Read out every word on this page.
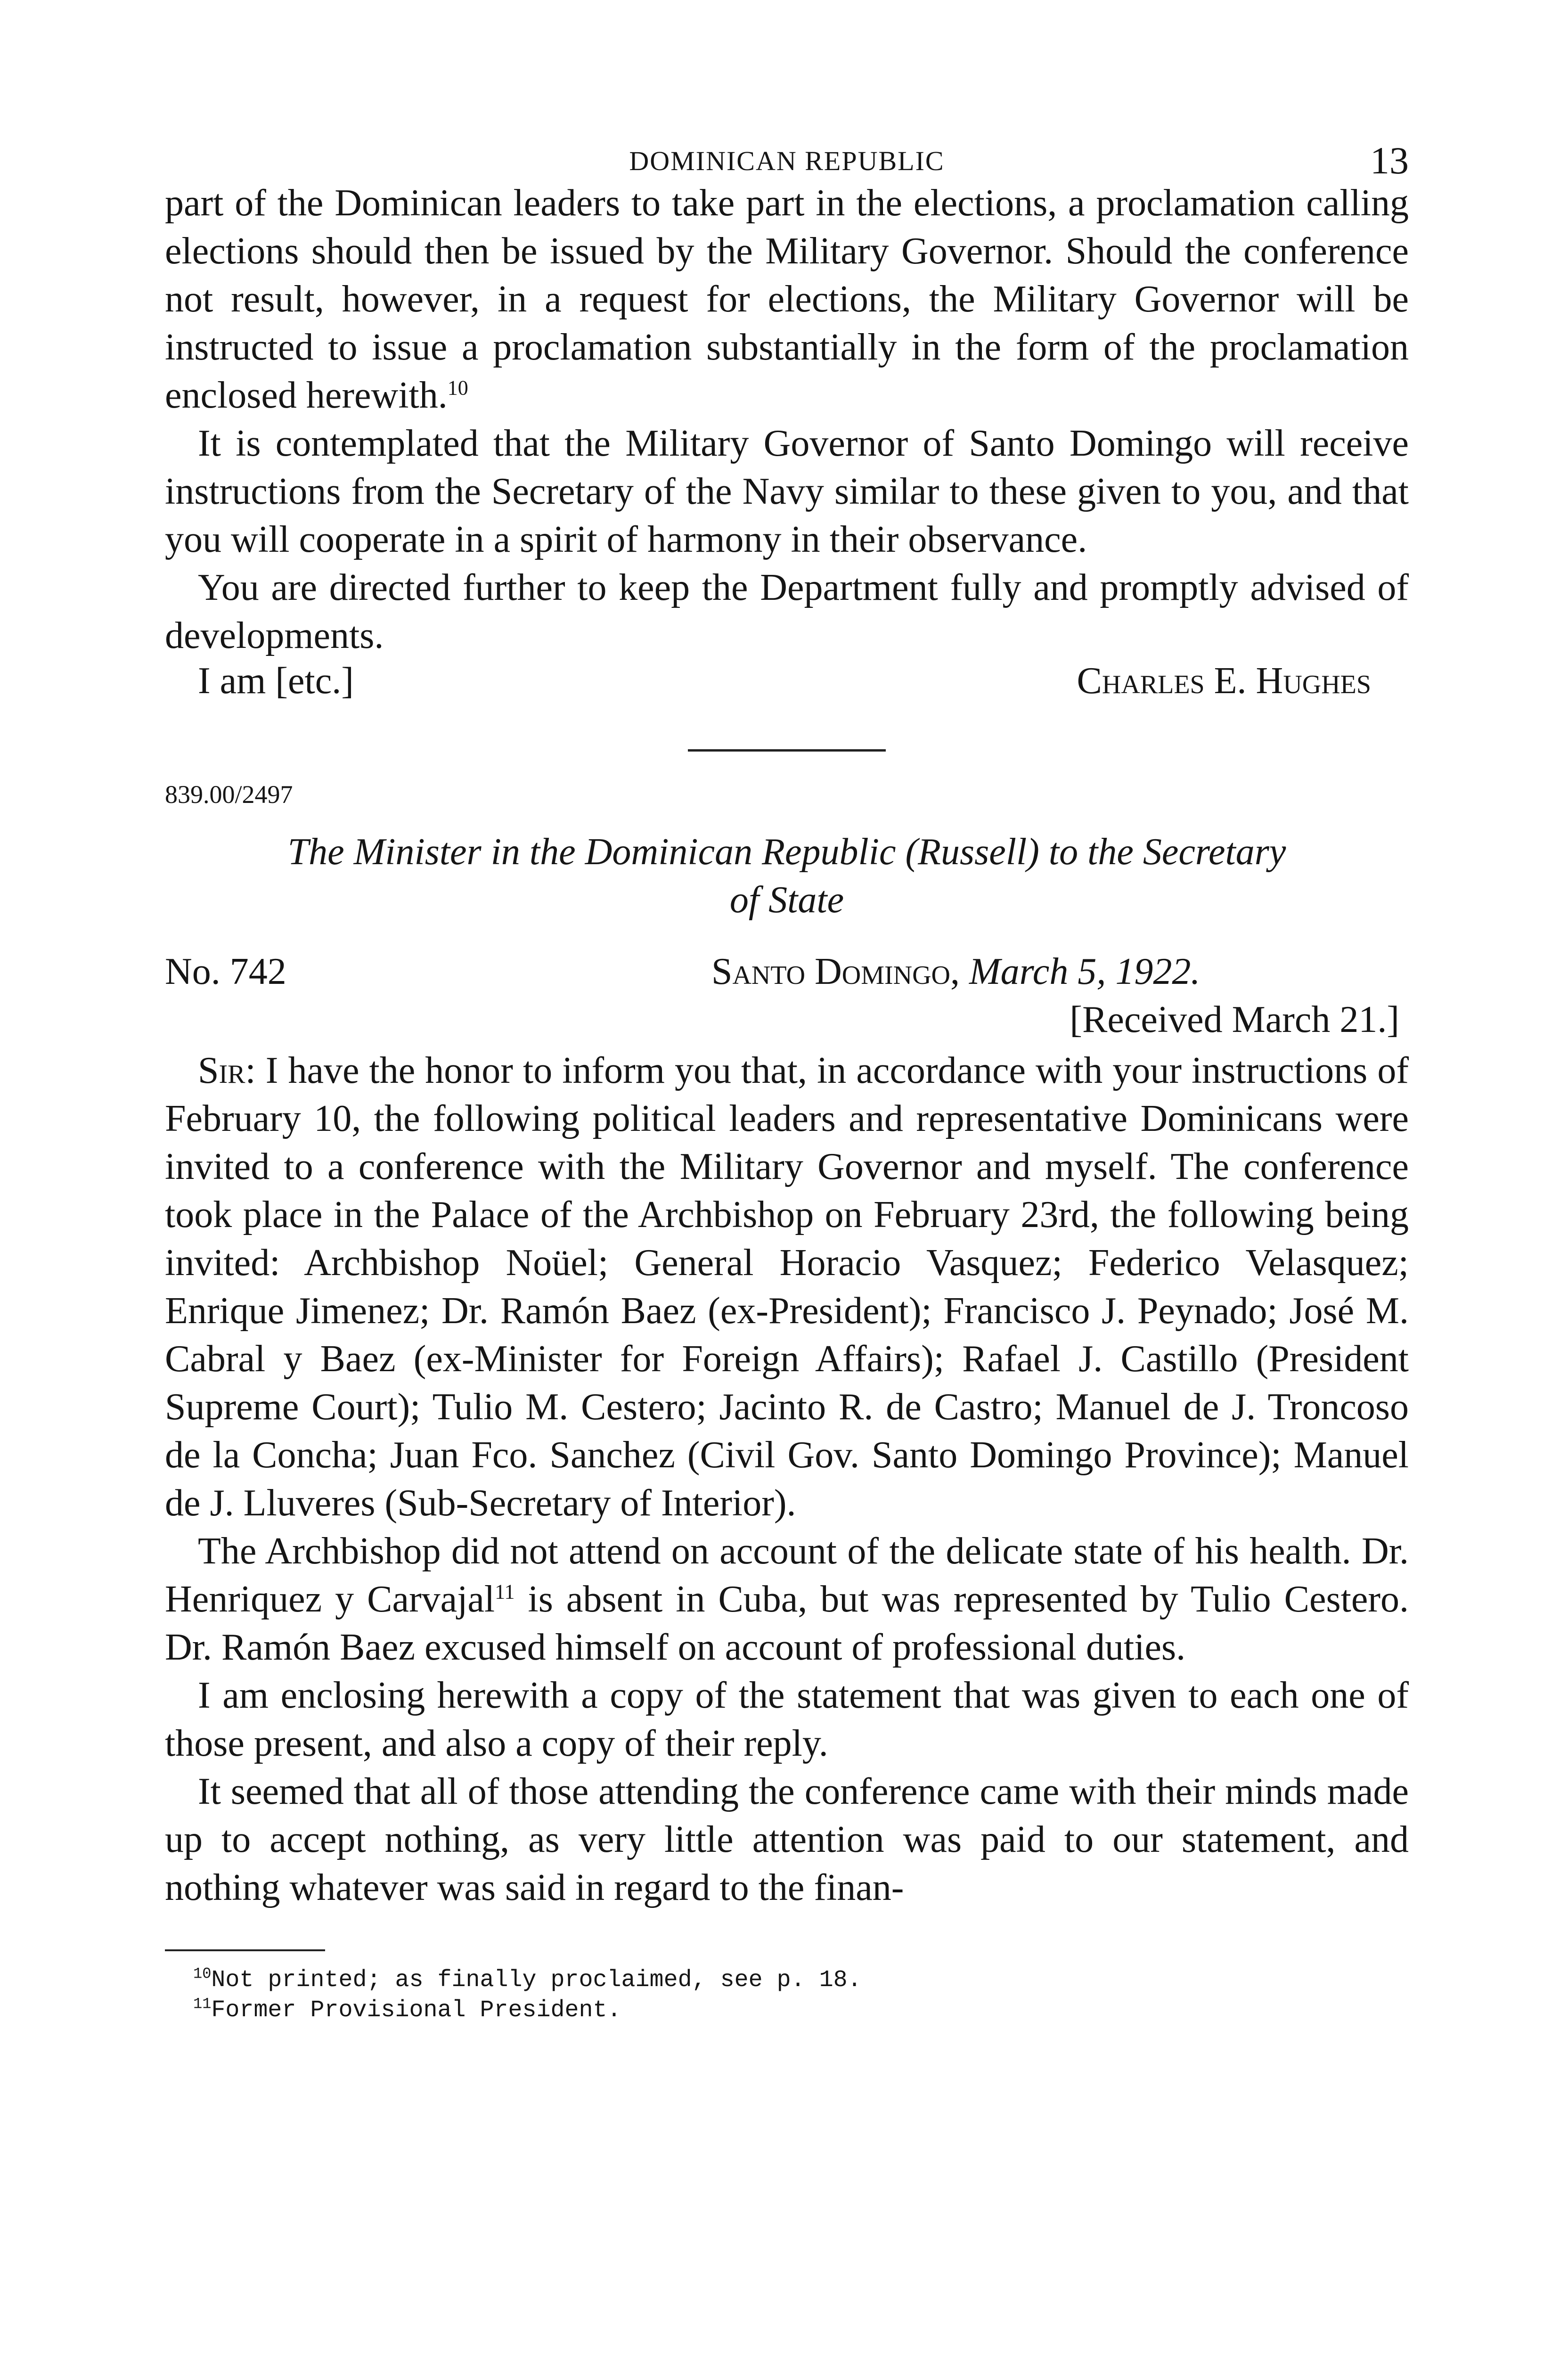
DOMINICAN REPUBLIC	13

part of the Dominican leaders to take part in the elections, a proclamation calling elections should then be issued by the Military Governor. Should the conference not result, however, in a request for elections, the Military Governor will be instructed to issue a proclamation substantially in the form of the proclamation enclosed herewith.$^{10}$

It is contemplated that the Military Governor of Santo Domingo will receive instructions from the Secretary of the Navy similar to these given to you, and that you will cooperate in a spirit of harmony in their observance.

You are directed further to keep the Department fully and promptly advised of developments.

I am [etc.]	Charles E. Hughes
839.00/2497
The Minister in the Dominican Republic (Russell) to the Secretary
of State
No. 742	Santo Domingo, March 5, 1922.
[Received March 21.]

Sir: I have the honor to inform you that, in accordance with your instructions of February 10, the following political leaders and representative Dominicans were invited to a conference with the Military Governor and myself. The conference took place in the Palace of the Archbishop on February 23rd, the following being invited: Archbishop Noüel; General Horacio Vasquez; Federico Velasquez; Enrique Jimenez; Dr. Ramón Baez (ex-President); Francisco J. Peynado; José M. Cabral y Baez (ex-Minister for Foreign Affairs); Rafael J. Castillo (President Supreme Court); Tulio M. Cestero; Jacinto R. de Castro; Manuel de J. Troncoso de la Concha; Juan Fco. Sanchez (Civil Gov. Santo Domingo Province); Manuel de J. Lluveres (Sub-Secretary of Interior).

The Archbishop did not attend on account of the delicate state of his health. Dr. Henriquez y Carvajal$^{11}$ is absent in Cuba, but was represented by Tulio Cestero. Dr. Ramón Baez excused himself on account of professional duties.

I am enclosing herewith a copy of the statement that was given to each one of those present, and also a copy of their reply.

It seemed that all of those attending the conference came with their minds made up to accept nothing, as very little attention was paid to our statement, and nothing whatever was said in regard to the finan-

$^{10}$Not printed; as finally proclaimed, see p. 18.
$^{11}$Former Provisional President.
